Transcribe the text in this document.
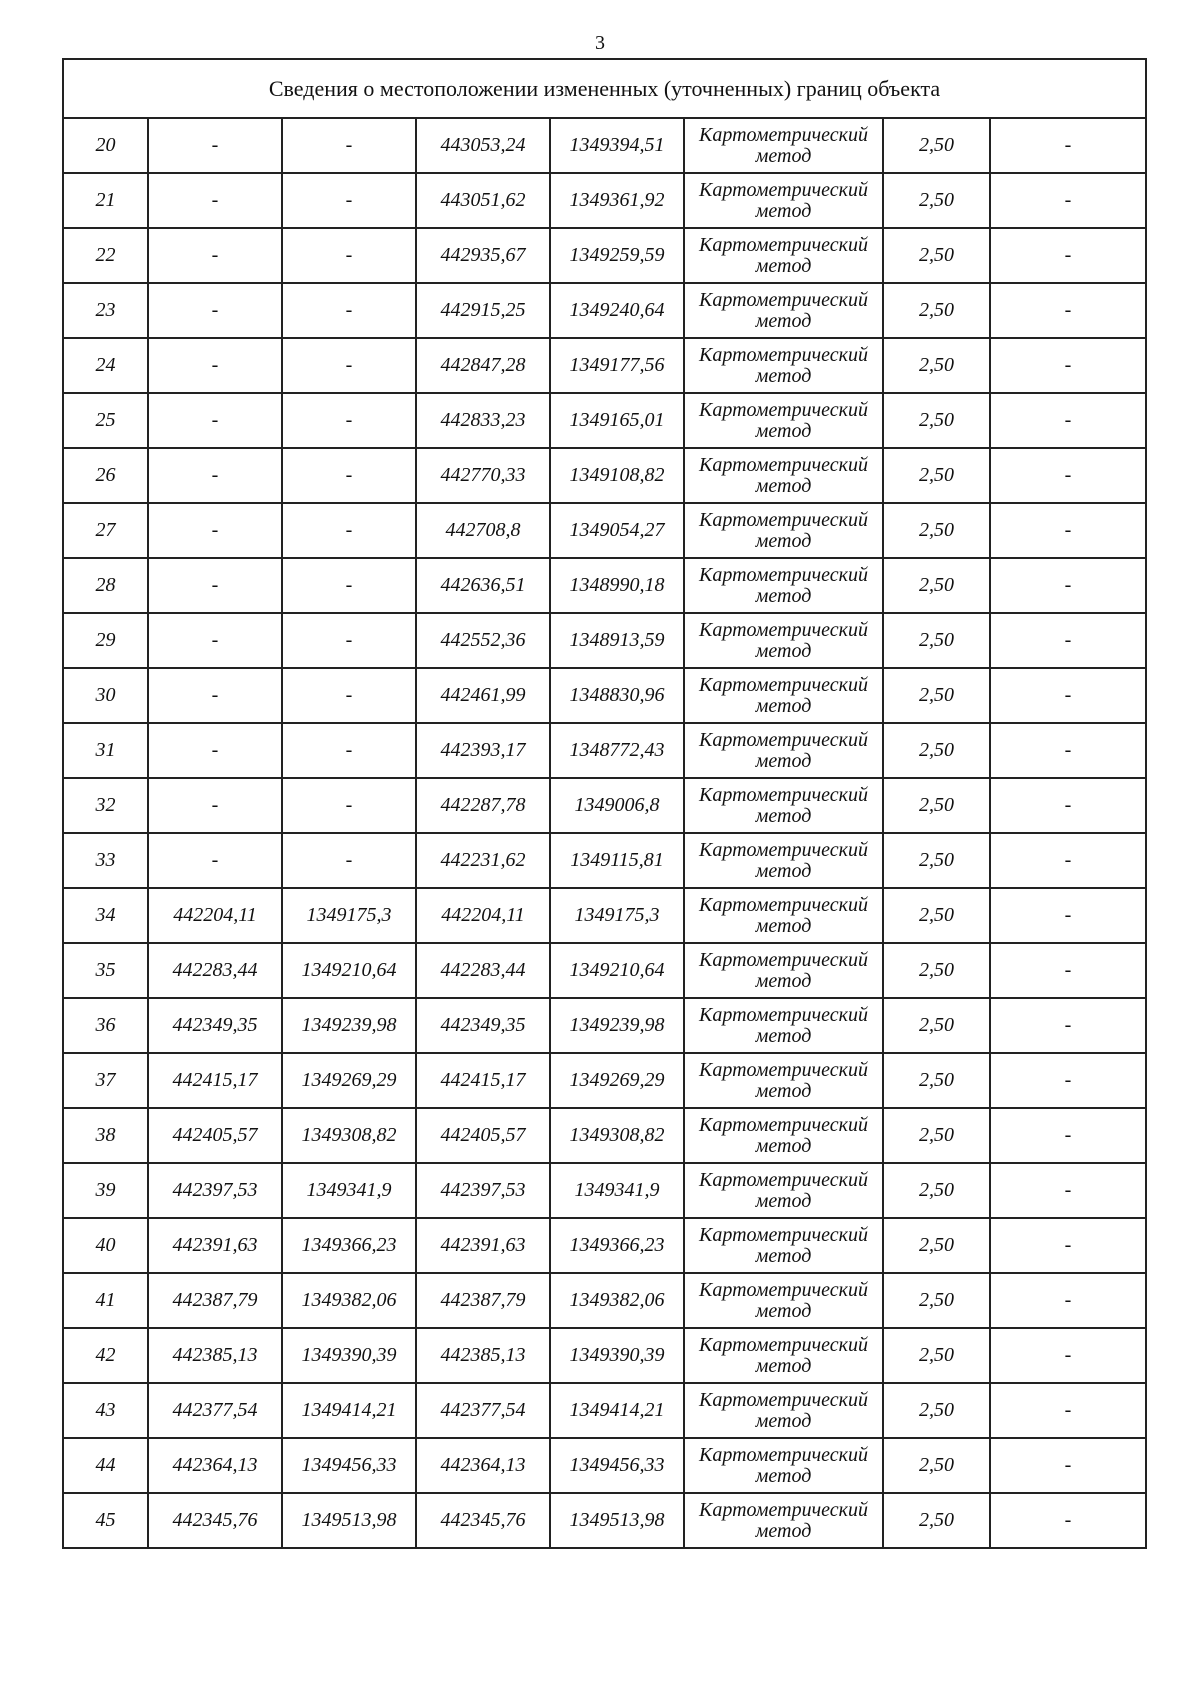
3
Сведения о местоположении измененных (уточненных) границ объекта							
20	-	-	443053,24	1349394,51	Картометрический
метод	2,50	-
21	-	-	443051,62	1349361,92	Картометрический
метод	2,50	-
22	-	-	442935,67	1349259,59	Картометрический
метод	2,50	-
23	-	-	442915,25	1349240,64	Картометрический
метод	2,50	-
24	-	-	442847,28	1349177,56	Картометрический
метод	2,50	-
25	-	-	442833,23	1349165,01	Картометрический
метод	2,50	-
26	-	-	442770,33	1349108,82	Картометрический
метод	2,50	-
27	-	-	442708,8	1349054,27	Картометрический
метод	2,50	-
28	-	-	442636,51	1348990,18	Картометрический
метод	2,50	-
29	-	-	442552,36	1348913,59	Картометрический
метод	2,50	-
30	-	-	442461,99	1348830,96	Картометрический
метод	2,50	-
31	-	-	442393,17	1348772,43	Картометрический
метод	2,50	-
32	-	-	442287,78	1349006,8	Картометрический
метод	2,50	-
33	-	-	442231,62	1349115,81	Картометрический
метод	2,50	-
34	442204,11	1349175,3	442204,11	1349175,3	Картометрический
метод	2,50	-
35	442283,44	1349210,64	442283,44	1349210,64	Картометрический
метод	2,50	-
36	442349,35	1349239,98	442349,35	1349239,98	Картометрический
метод	2,50	-
37	442415,17	1349269,29	442415,17	1349269,29	Картометрический
метод	2,50	-
38	442405,57	1349308,82	442405,57	1349308,82	Картометрический
метод	2,50	-
39	442397,53	1349341,9	442397,53	1349341,9	Картометрический
метод	2,50	-
40	442391,63	1349366,23	442391,63	1349366,23	Картометрический
метод	2,50	-
41	442387,79	1349382,06	442387,79	1349382,06	Картометрический
метод	2,50	-
42	442385,13	1349390,39	442385,13	1349390,39	Картометрический
метод	2,50	-
43	442377,54	1349414,21	442377,54	1349414,21	Картометрический
метод	2,50	-
44	442364,13	1349456,33	442364,13	1349456,33	Картометрический
метод	2,50	-
45	442345,76	1349513,98	442345,76	1349513,98	Картометрический
метод	2,50	-
